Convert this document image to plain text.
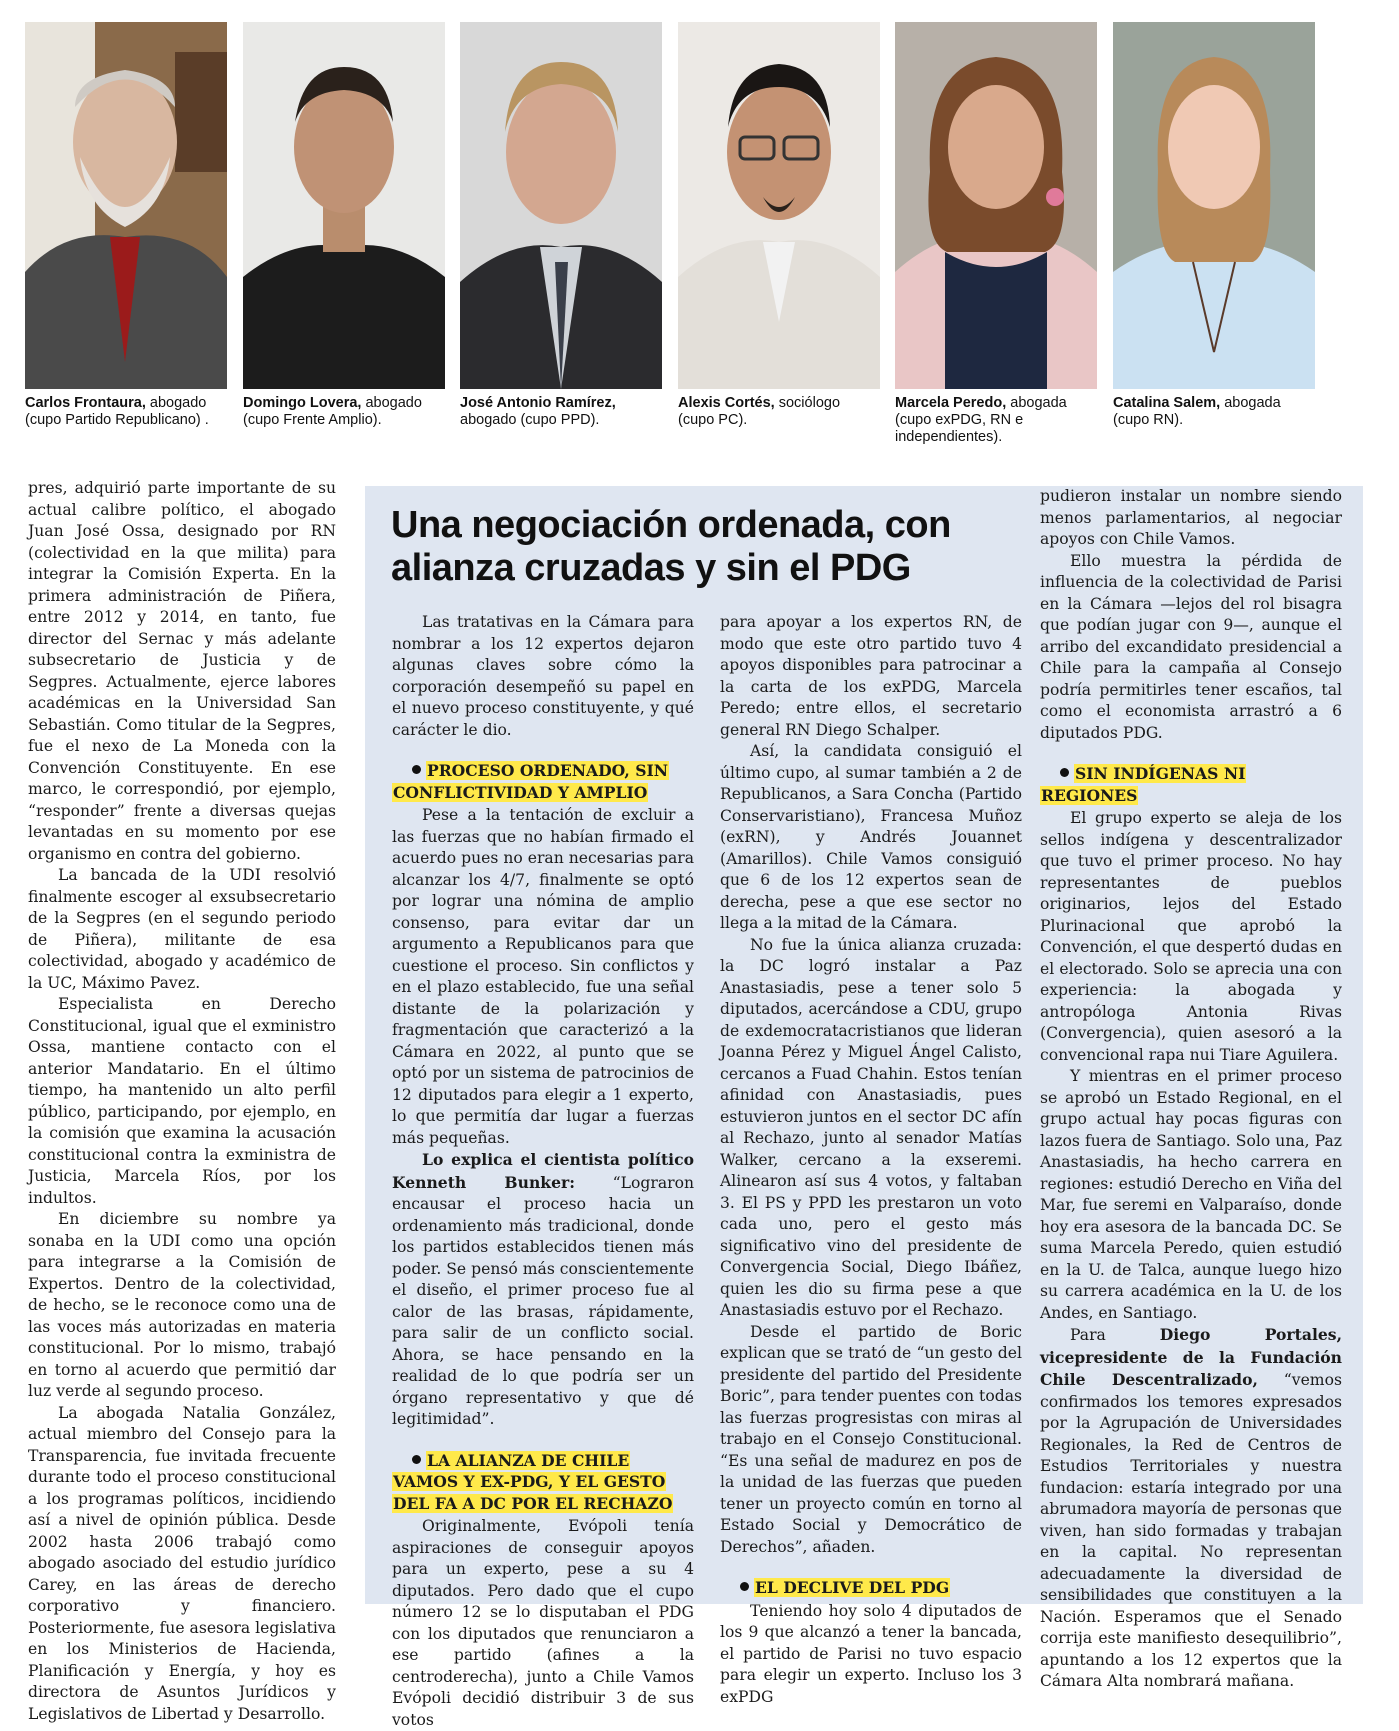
Carlos Frontaura, abogado
(cupo Partido Republicano) .
Domingo Lovera, abogado
(cupo Frente Amplio).
José Antonio Ramírez,
abogado (cupo PPD).
Alexis Cortés, sociólogo
(cupo PC).
Marcela Peredo, abogada
(cupo exPDG, RN e independientes).
Catalina Salem, abogada
(cupo RN).

pres, adquirió parte importante de su actual calibre político, el abogado Juan José Ossa, designado por RN (colectividad en la que milita) para integrar la Comisión Experta. En la primera administración de Piñera, entre 2012 y 2014, en tanto, fue director del Sernac y más adelante subsecretario de Justicia y de Segpres. Actualmente, ejerce labores académicas en la Universidad San Sebastián. Como titular de la Segpres, fue el nexo de La Moneda con la Convención Constituyente. En ese marco, le correspondió, por ejemplo, “responder” frente a diversas quejas levantadas en su momento por ese organismo en contra del gobierno.

La bancada de la UDI resolvió finalmente escoger al exsubsecretario de la Segpres (en el segundo periodo de Piñera), militante de esa colectividad, abogado y académico de la UC, Máximo Pavez.

Especialista en Derecho Constitucional, igual que el exministro Ossa, mantiene contacto con el anterior Mandatario. En el último tiempo, ha mantenido un alto perfil público, participando, por ejemplo, en la comisión que examina la acusación constitucional contra la exministra de Justicia, Marcela Ríos, por los indultos.

En diciembre su nombre ya sonaba en la UDI como una opción para integrarse a la Comisión de Expertos. Dentro de la colectividad, de hecho, se le reconoce como una de las voces más autorizadas en materia constitucional. Por lo mismo, trabajó en torno al acuerdo que permitió dar luz verde al segundo proceso.

La abogada Natalia González, actual miembro del Consejo para la Transparencia, fue invitada frecuente durante todo el proceso constitucional a los programas políticos, incidiendo así a nivel de opinión pública. Desde 2002 hasta 2006 trabajó como abogado asociado del estudio jurídico Carey, en las áreas de derecho corporativo y financiero. Posteriormente, fue asesora legislativa en los Ministerios de Hacienda, Planificación y Energía, y hoy es directora de Asuntos Jurídicos y Legislativos de Libertad y Desarrollo.

Una negociación ordenada, con alianza cruzadas y sin el PDG

Las tratativas en la Cámara para nombrar a los 12 expertos dejaron algunas claves sobre cómo la corporación desempeñó su papel en el nuevo proceso constituyente, y qué carácter le dio.

PROCESO ORDENADO, SIN CONFLICTIVIDAD Y AMPLIO

Pese a la tentación de excluir a las fuerzas que no habían firmado el acuerdo pues no eran necesarias para alcanzar los 4/7, finalmente se optó por lograr una nómina de amplio consenso, para evitar dar un argumento a Republicanos para que cuestione el proceso. Sin conflictos y en el plazo establecido, fue una señal distante de la polarización y fragmentación que caracterizó a la Cámara en 2022, al punto que se optó por un sistema de patrocinios de 12 diputados para elegir a 1 experto, lo que permitía dar lugar a fuerzas más pequeñas.

Lo explica el cientista político Kenneth Bunker: “Lograron encausar el proceso hacia un ordenamiento más tradicional, donde los partidos establecidos tienen más poder. Se pensó más conscientemente el diseño, el primer proceso fue al calor de las brasas, rápidamente, para salir de un conflicto social. Ahora, se hace pensando en la realidad de lo que podría ser un órgano representativo y que dé legitimidad”.

LA ALIANZA DE CHILE VAMOS Y EX-PDG, Y EL GESTO DEL FA A DC POR EL RECHAZO

Originalmente, Evópoli tenía aspiraciones de conseguir apoyos para un experto, pese a su 4 diputados. Pero dado que el cupo número 12 se lo disputaban el PDG con los diputados que renunciaron a ese partido (afines a la centroderecha), junto a Chile Vamos Evópoli decidió distribuir 3 de sus votos

para apoyar a los expertos RN, de modo que este otro partido tuvo 4 apoyos disponibles para patrocinar a la carta de los exPDG, Marcela Peredo; entre ellos, el secretario general RN Diego Schalper.

Así, la candidata consiguió el último cupo, al sumar también a 2 de Republicanos, a Sara Concha (Partido Conservaristiano), Francesa Muñoz (exRN), y Andrés Jouannet (Amarillos). Chile Vamos consiguió que 6 de los 12 expertos sean de derecha, pese a que ese sector no llega a la mitad de la Cámara.

No fue la única alianza cruzada: la DC logró instalar a Paz Anastasiadis, pese a tener solo 5 diputados, acercándose a CDU, grupo de exdemocratacristianos que lideran Joanna Pérez y Miguel Ángel Calisto, cercanos a Fuad Chahin. Estos tenían afinidad con Anastasiadis, pues estuvieron juntos en el sector DC afín al Rechazo, junto al senador Matías Walker, cercano a la exseremi. Alinearon así sus 4 votos, y faltaban 3. El PS y PPD les prestaron un voto cada uno, pero el gesto más significativo vino del presidente de Convergencia Social, Diego Ibáñez, quien les dio su firma pese a que Anastasiadis estuvo por el Rechazo.

Desde el partido de Boric explican que se trató de “un gesto del presidente del partido del Presidente Boric”, para tender puentes con todas las fuerzas progresistas con miras al trabajo en el Consejo Constitucional. “Es una señal de madurez en pos de la unidad de las fuerzas que pueden tener un proyecto común en torno al Estado Social y Democrático de Derechos”, añaden.

EL DECLIVE DEL PDG

Teniendo hoy solo 4 diputados de los 9 que alcanzó a tener la bancada, el partido de Parisi no tuvo espacio para elegir un experto. Incluso los 3 exPDG

pudieron instalar un nombre siendo menos parlamentarios, al negociar apoyos con Chile Vamos.

Ello muestra la pérdida de influencia de la colectividad de Parisi en la Cámara —lejos del rol bisagra que podían jugar con 9—, aunque el arribo del excandidato presidencial a Chile para la campaña al Consejo podría permitirles tener escaños, tal como el economista arrastró a 6 diputados PDG.

SIN INDÍGENAS NI REGIONES

El grupo experto se aleja de los sellos indígena y descentralizador que tuvo el primer proceso. No hay representantes de pueblos originarios, lejos del Estado Plurinacional que aprobó la Convención, el que despertó dudas en el electorado. Solo se aprecia una con experiencia: la abogada y antropóloga Antonia Rivas (Convergencia), quien asesoró a la convencional rapa nui Tiare Aguilera.

Y mientras en el primer proceso se aprobó un Estado Regional, en el grupo actual hay pocas figuras con lazos fuera de Santiago. Solo una, Paz Anastasiadis, ha hecho carrera en regiones: estudió Derecho en Viña del Mar, fue seremi en Valparaíso, donde hoy era asesora de la bancada DC. Se suma Marcela Peredo, quien estudió en la U. de Talca, aunque luego hizo su carrera académica en la U. de los Andes, en Santiago.

Para Diego Portales, vicepresidente de la Fundación Chile Descentralizado, “vemos confirmados los temores expresados por la Agrupación de Universidades Regionales, la Red de Centros de Estudios Territoriales y nuestra fundacion: estaría integrado por una abrumadora mayoría de personas que viven, han sido formadas y trabajan en la capital. No representan adecuadamente la diversidad de sensibilidades que constituyen a la Nación. Esperamos que el Senado corrija este manifiesto desequilibrio”, apuntando a los 12 expertos que la Cámara Alta nombrará mañana.
